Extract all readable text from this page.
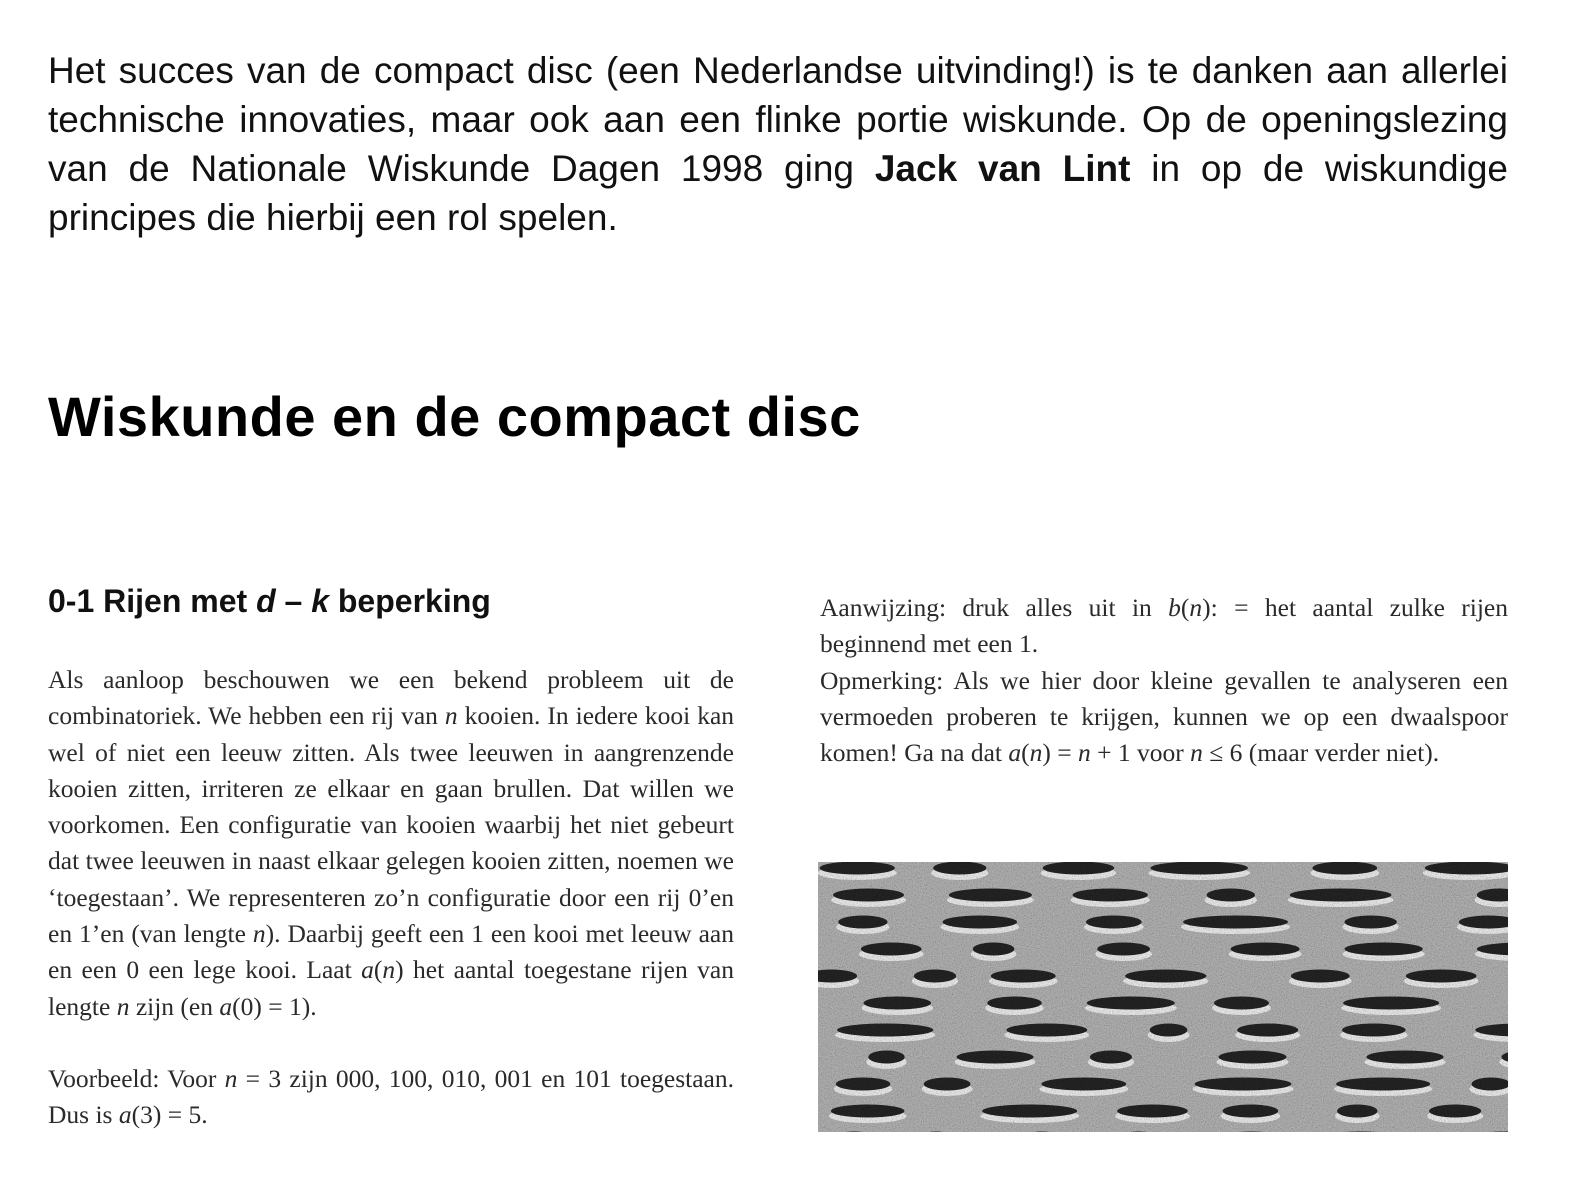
Het succes van de compact disc (een Nederlandse uitvinding!) is te danken aan allerlei technische innovaties, maar ook aan een flinke portie wiskunde. Op de openingslezing van de Nationale Wiskunde Dagen 1998 ging Jack van Lint in op de wiskundige principes die hierbij een rol spelen.
Wiskunde en de compact disc
0-1 Rijen met d – k beperking

Als aanloop beschouwen we een bekend probleem uit de combinatoriek. We hebben een rij van n kooien. In iedere kooi kan wel of niet een leeuw zitten. Als twee leeuwen in aangrenzende kooien zitten, irriteren ze elkaar en gaan brullen. Dat willen we voorkomen. Een configuratie van kooien waarbij het niet gebeurt dat twee leeuwen in naast elkaar gelegen kooien zitten, noemen we ‘toegestaan’. We representeren zo’n configuratie door een rij 0’en en 1’en (van lengte n). Daarbij geeft een 1 een kooi met leeuw aan en een 0 een lege kooi. Laat a(n) het aantal toegestane rijen van lengte n zijn (en a(0) = 1).

Voorbeeld: Voor n = 3 zijn 000, 100, 010, 001 en 101 toegestaan. Dus is a(3) = 5.

Aanwijzing: druk alles uit in b(n): = het aantal zulke rijen beginnend met een 1.

Opmerking: Als we hier door kleine gevallen te analyseren een vermoeden proberen te krijgen, kunnen we op een dwaalspoor komen! Ga na dat a(n) = n + 1 voor n ≤ 6 (maar verder niet).
